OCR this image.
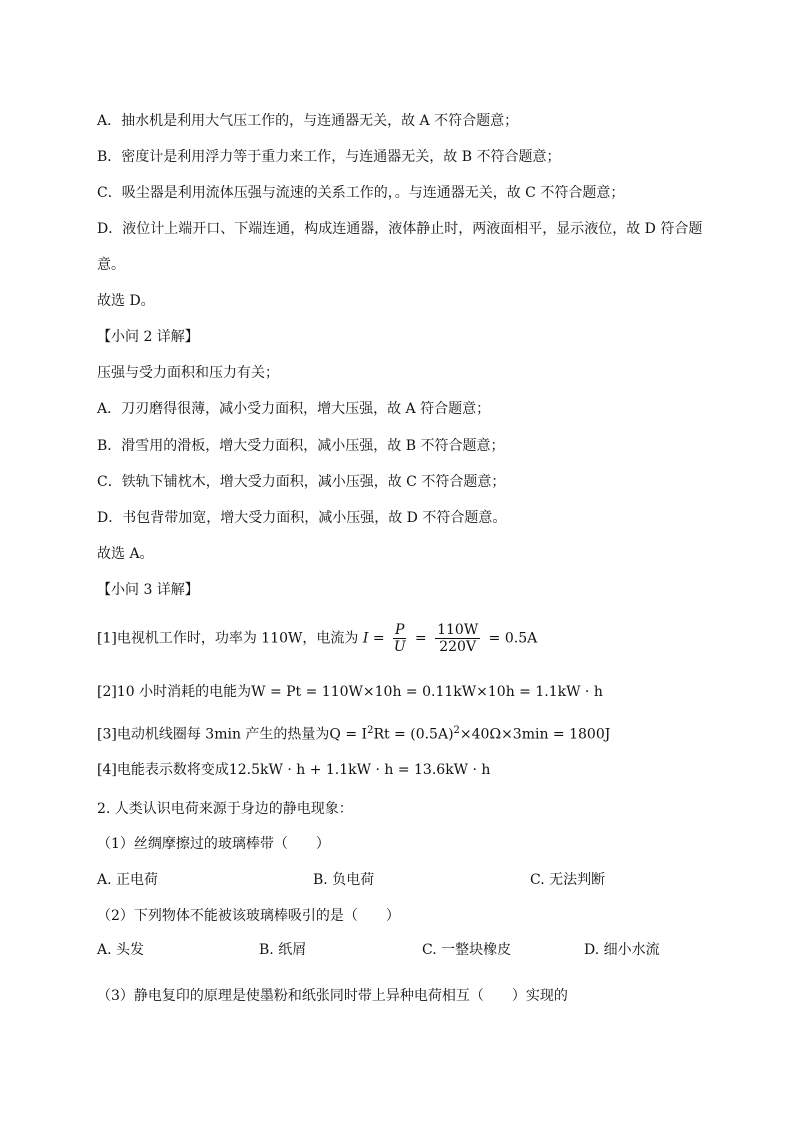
A．抽水机是利用大气压工作的，与连通器无关，故 A 不符合题意；
B．密度计是利用浮力等于重力来工作，与连通器无关，故 B 不符合题意；
C．吸尘器是利用流体压强与流速的关系工作的，。与连通器无关，故 C 不符合题意；
D．液位计上端开口、下端连通，构成连通器，液体静止时，两液面相平，显示液位，故 D 符合题
意。
故选 D。
【小问 2 详解】
压强与受力面积和压力有关；
A．刀刃磨得很薄，减小受力面积，增大压强，故 A 符合题意；
B．滑雪用的滑板，增大受力面积，减小压强，故 B 不符合题意；
C．铁轨下铺枕木，增大受力面积，减小压强，故 C 不符合题意；
D．书包背带加宽，增大受力面积，减小压强，故 D 不符合题意。
故选 A。
【小问 3 详解】
[1]电视机工作时，功率为 110W，电流为 $I = \frac{P}{U} = \frac{110W}{220V} = 0.5A$
[2]10 小时消耗的电能为W = Pt = 110W×10h = 0.11kW×10h = 1.1kW · h
[3]电动机线圈每 3min 产生的热量为$Q = I^2Rt = (0.5A)^2\times 40\Omega\times 3\min = 1800J$
[4]电能表示数将变成12.5kW · h + 1.1kW · h = 13.6kW · h
2. 人类认识电荷来源于身边的静电现象：
（1）丝绸摩擦过的玻璃棒带（　　）
A. 正电荷	B. 负电荷	C. 无法判断
（2）下列物体不能被该玻璃棒吸引的是（　　）
A. 头发	B. 纸屑	C. 一整块橡皮	D. 细小水流
（3）静电复印的原理是使墨粉和纸张同时带上异种电荷相互（　　）实现的
